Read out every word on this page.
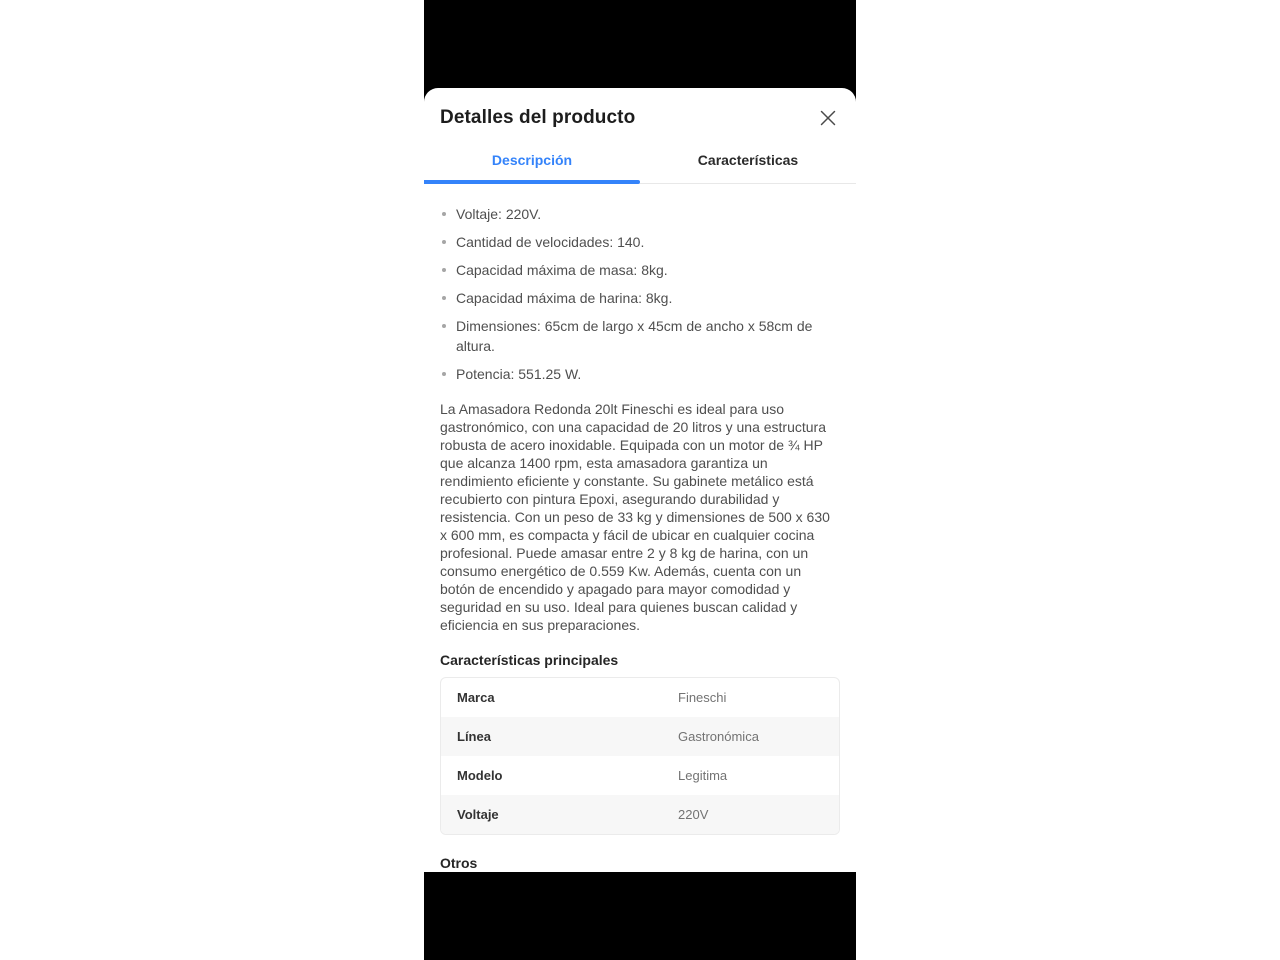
Detalles del producto
Descripción	Características
Voltaje: 220V.
Cantidad de velocidades: 140.
Capacidad máxima de masa: 8kg.
Capacidad máxima de harina: 8kg.
Dimensiones: 65cm de largo x 45cm de ancho x 58cm de altura.
Potencia: 551.25 W.

La Amasadora Redonda 20lt Fineschi es ideal para uso gastronómico, con una capacidad de 20 litros y una estructura robusta de acero inoxidable. Equipada con un motor de ¾ HP que alcanza 1400 rpm, esta amasadora garantiza un rendimiento eficiente y constante. Su gabinete metálico está recubierto con pintura Epoxi, asegurando durabilidad y resistencia. Con un peso de 33 kg y dimensiones de 500 x 630 x 600 mm, es compacta y fácil de ubicar en cualquier cocina profesional. Puede amasar entre 2 y 8 kg de harina, con un consumo energético de 0.559 Kw. Además, cuenta con un botón de encendido y apagado para mayor comodidad y seguridad en su uso. Ideal para quienes buscan calidad y eficiencia en sus preparaciones.

Características principales
Marca	Fineschi
Línea	Gastronómica
Modelo	Legitima
Voltaje	220V
Otros
